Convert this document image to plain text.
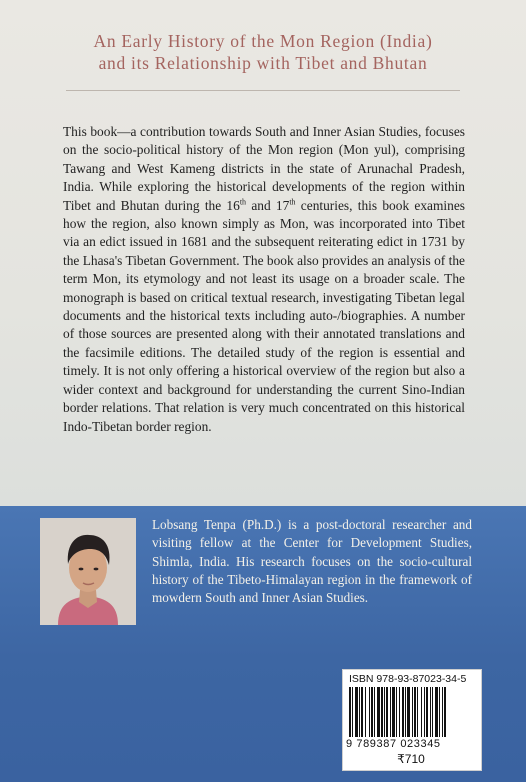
An Early History of the Mon Region (India)
and its Relationship with Tibet and Bhutan

This book—a contribution towards South and Inner Asian Studies, focuses on the socio-political history of the Mon region (Mon yul), comprising Tawang and West Kameng districts in the state of Arunachal Pradesh, India. While exploring the historical developments of the region within Tibet and Bhutan during the 16th and 17th centuries, this book examines how the region, also known simply as Mon, was incorporated into Tibet via an edict issued in 1681 and the subsequent reiterating edict in 1731 by the Lhasa's Tibetan Government. The book also provides an analysis of the term Mon, its etymology and not least its usage on a broader scale. The monograph is based on critical textual research, investigating Tibetan legal documents and the historical texts including auto-/biographies. A number of those sources are presented along with their annotated translations and the facsimile editions. The detailed study of the region is essential and timely. It is not only offering a historical overview of the region but also a wider context and background for understanding the current Sino-Indian border relations. That relation is very much concentrated on this historical Indo-Tibetan border region.

Lobsang Tenpa (Ph.D.) is a post-doctoral researcher and visiting fellow at the Center for Development Studies, Shimla, India. His research focuses on the socio-cultural history of the Tibeto-Himalayan region in the framework of mowdern South and Inner Asian Studies.

ISBN 978-93-87023-34-5
9 789387 023345
₹710
